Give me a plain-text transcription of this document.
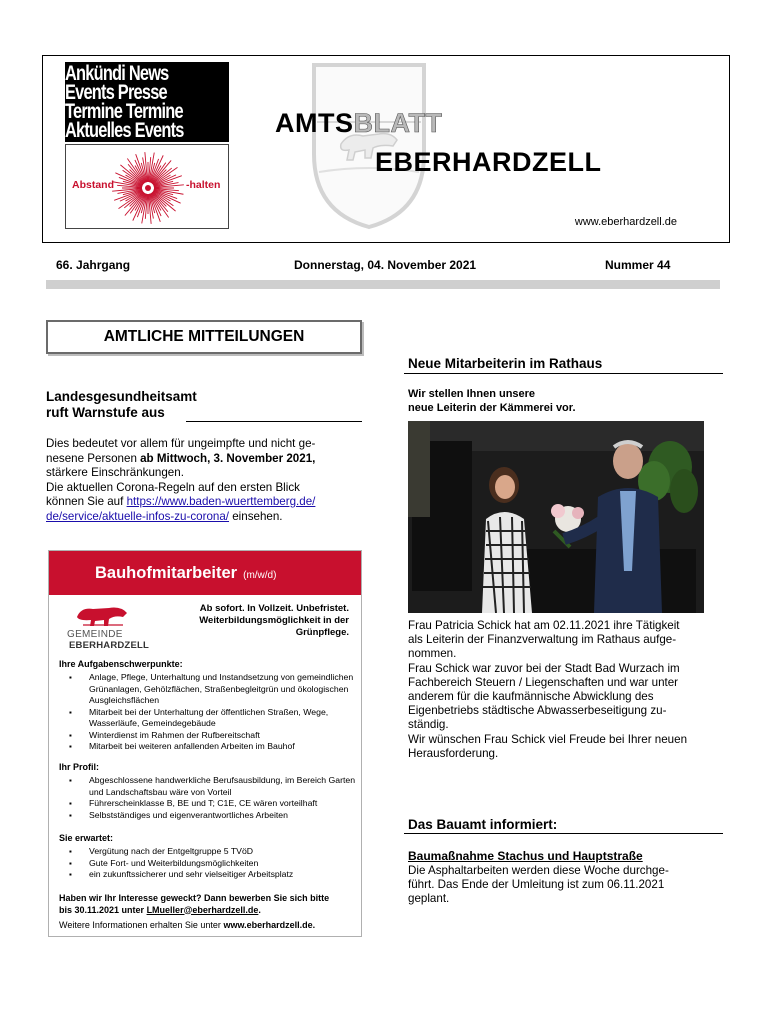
Ankündi News
Events Presse
Termine Termine
Aktuelles Events
Abstand	-halten
AMTSBLATT
EBERHARDZELL
www.eberhardzell.de
66. Jahrgang	Donnerstag, 04. November 2021	Nummer 44
AMTLICHE MITTEILUNGEN
Landesgesundheitsamt
ruft Warnstufe aus
Dies bedeutet vor allem für ungeimpfte und nicht ge-
nesene Personen ab Mittwoch, 3. November 2021,
stärkere Einschränkungen.
Die aktuellen Corona-Regeln auf den ersten Blick
können Sie auf https://www.baden-wuerttemberg.de/
de/service/aktuelle-infos-zu-corona/ einsehen.
Bauhofmitarbeiter (m/w/d)
GEMEINDE
EBERHARDZELL
Ab sofort. In Vollzeit. Unbefristet.
Weiterbildungsmöglichkeit in der
Grünpflege.
Ihre Aufgabenschwerpunkte:
▪ Anlage, Pflege, Unterhaltung und Instandsetzung von gemeindlichen Grünanlagen, Gehölzflächen, Straßenbegleitgrün und ökologischen Ausgleichsflächen
▪ Mitarbeit bei der Unterhaltung der öffentlichen Straßen, Wege, Wasserläufe, Gemeindegebäude
▪ Winterdienst im Rahmen der Rufbereitschaft
▪ Mitarbeit bei weiteren anfallenden Arbeiten im Bauhof
Ihr Profil:
▪ Abgeschlossene handwerkliche Berufsausbildung, im Bereich Garten und Landschaftsbau wäre von Vorteil
▪ Führerscheinklasse B, BE und T; C1E, CE wären vorteilhaft
▪ Selbstständiges und eigenverantwortliches Arbeiten
Sie erwartet:
▪ Vergütung nach der Entgeltgruppe 5 TVöD
▪ Gute Fort- und Weiterbildungsmöglichkeiten
▪ ein zukunftssicherer und sehr vielseitiger Arbeitsplatz
Haben wir Ihr Interesse geweckt? Dann bewerben Sie sich bitte
bis 30.11.2021 unter LMueller@eberhardzell.de.
Weitere Informationen erhalten Sie unter www.eberhardzell.de.
Neue Mitarbeiterin im Rathaus
Wir stellen Ihnen unsere
neue Leiterin der Kämmerei vor.
Frau Patricia Schick hat am 02.11.2021 ihre Tätigkeit
als Leiterin der Finanzverwaltung im Rathaus aufge-
nommen.
Frau Schick war zuvor bei der Stadt Bad Wurzach im
Fachbereich Steuern / Liegenschaften und war unter
anderem für die kaufmännische Abwicklung des
Eigenbetriebs städtische Abwasserbeseitigung zu-
ständig.
Wir wünschen Frau Schick viel Freude bei Ihrer neuen
Herausforderung.
Das Bauamt informiert:
Baumaßnahme Stachus und Hauptstraße
Die Asphaltarbeiten werden diese Woche durchge-
führt. Das Ende der Umleitung ist zum 06.11.2021
geplant.
